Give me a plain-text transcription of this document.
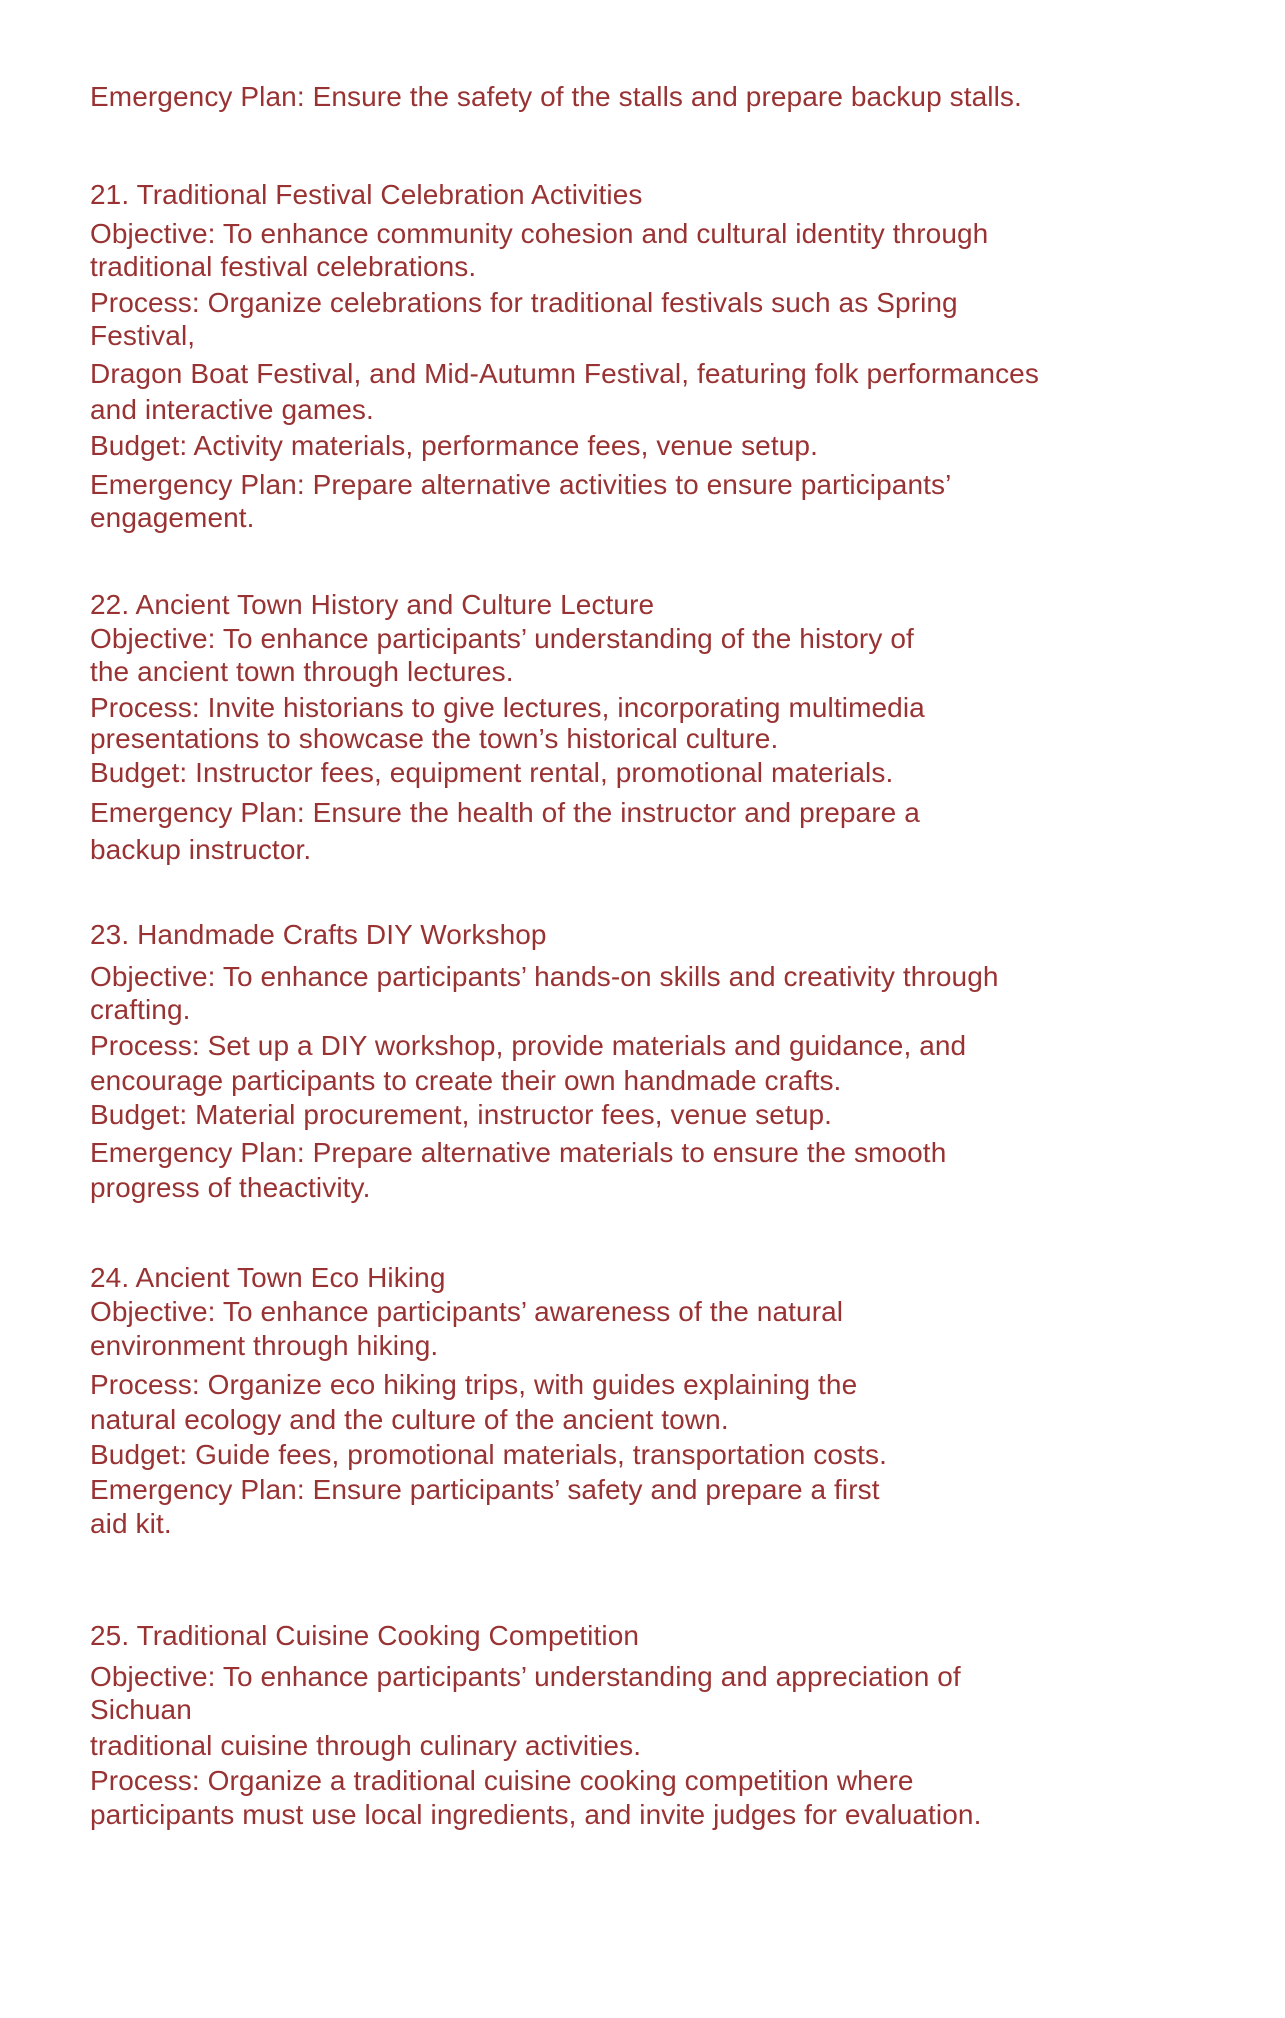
Emergency Plan: Ensure the safety of the stalls and prepare backup stalls.
21. Traditional Festival Celebration Activities
Objective: To enhance community cohesion and cultural identity through
traditional festival celebrations.
Process: Organize celebrations for traditional festivals such as Spring
Festival,
Dragon Boat Festival, and Mid-Autumn Festival, featuring folk performances
and interactive games.
Budget: Activity materials, performance fees, venue setup.
Emergency Plan: Prepare alternative activities to ensure participants’
engagement.
22. Ancient Town History and Culture Lecture
Objective: To enhance participants’ understanding of the history of
the ancient town through lectures.
Process: Invite historians to give lectures, incorporating multimedia
presentations to showcase the town’s historical culture.
Budget: Instructor fees, equipment rental, promotional materials.
Emergency Plan: Ensure the health of the instructor and prepare a
backup instructor.
23. Handmade Crafts DIY Workshop
Objective: To enhance participants’ hands-on skills and creativity through
crafting.
Process: Set up a DIY workshop, provide materials and guidance, and
encourage participants to create their own handmade crafts.
Budget: Material procurement, instructor fees, venue setup.
Emergency Plan: Prepare alternative materials to ensure the smooth
progress of theactivity.
24. Ancient Town Eco Hiking
Objective: To enhance participants’ awareness of the natural
environment through hiking.
Process: Organize eco hiking trips, with guides explaining the
natural ecology and the culture of the ancient town.
Budget: Guide fees, promotional materials, transportation costs.
Emergency Plan: Ensure participants’ safety and prepare a first
aid kit.
25. Traditional Cuisine Cooking Competition
Objective: To enhance participants’ understanding and appreciation of
Sichuan
traditional cuisine through culinary activities.
Process: Organize a traditional cuisine cooking competition where
participants must use local ingredients, and invite judges for evaluation.
